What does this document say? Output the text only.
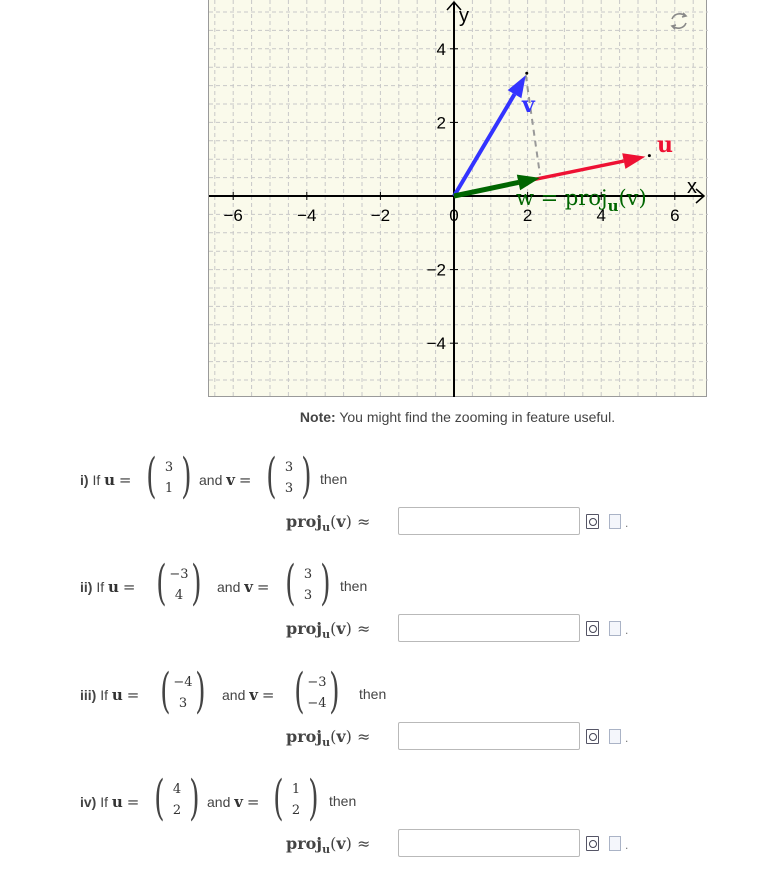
−6	−4	−2	0	2	4	6
4
2
−2
−4
x
y
u
v
w = proj$_u$(v)
Note: You might find the zooming in feature useful.
i) If u = ( 3
1 ) and v = ( 3
3 ) then
proj$_u$(v) ≈	.
ii) If u = ( −3
4 ) and v = ( 3
3 ) then
proj$_u$(v) ≈	.
iii) If u = ( −4
3 ) and v = ( −3
−4 ) then
proj$_u$(v) ≈	.
iv) If u = ( 4
2 ) and v = ( 1
2 ) then
proj$_u$(v) ≈	.
